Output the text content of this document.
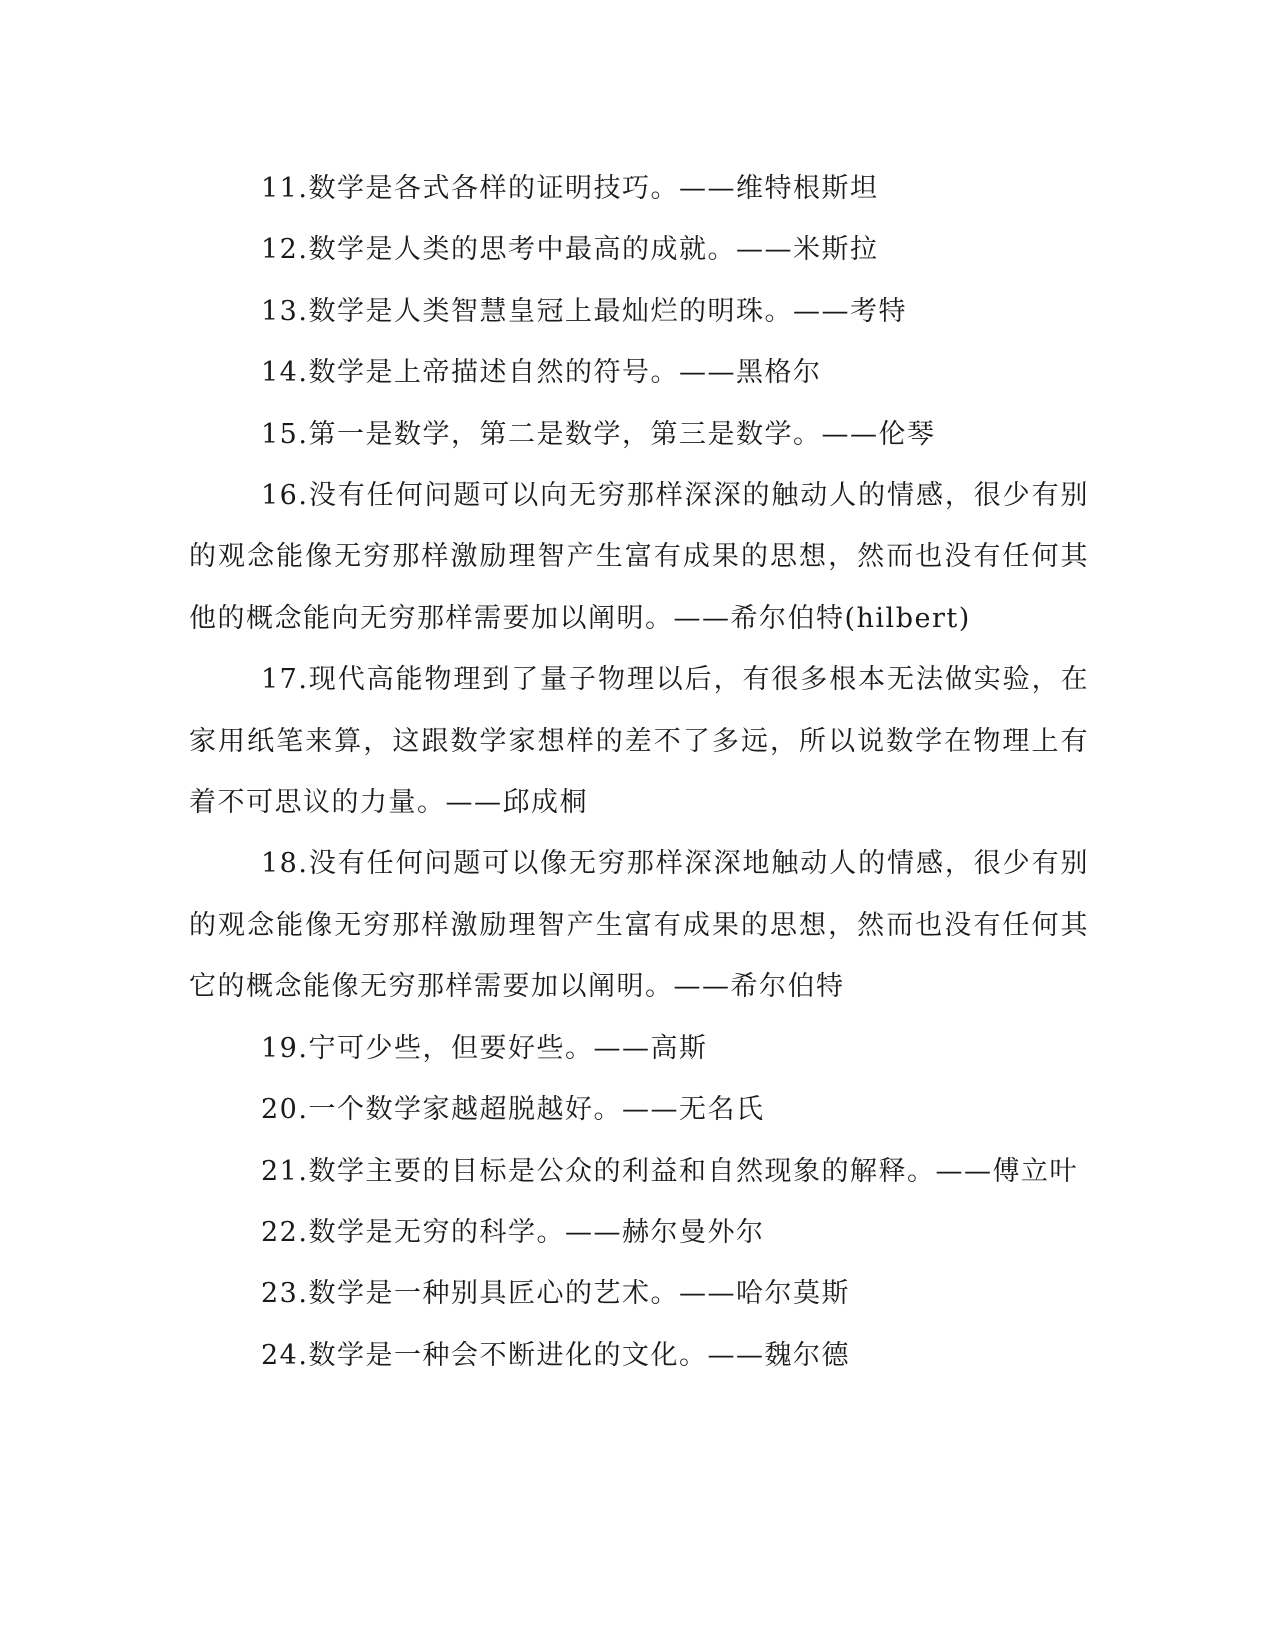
11.数学是各式各样的证明技巧。——维特根斯坦

12.数学是人类的思考中最高的成就。——米斯拉

13.数学是人类智慧皇冠上最灿烂的明珠。——考特

14.数学是上帝描述自然的符号。——黑格尔

15.第一是数学，第二是数学，第三是数学。——伦琴

16.没有任何问题可以向无穷那样深深的触动人的情感，很少有别的观念能像无穷那样激励理智产生富有成果的思想，然而也没有任何其他的概念能向无穷那样需要加以阐明。——希尔伯特(hilbert)

17.现代高能物理到了量子物理以后，有很多根本无法做实验，在家用纸笔来算，这跟数学家想样的差不了多远，所以说数学在物理上有着不可思议的力量。——邱成桐

18.没有任何问题可以像无穷那样深深地触动人的情感，很少有别的观念能像无穷那样激励理智产生富有成果的思想，然而也没有任何其它的概念能像无穷那样需要加以阐明。——希尔伯特

19.宁可少些，但要好些。——高斯

20.一个数学家越超脱越好。——无名氏

21.数学主要的目标是公众的利益和自然现象的解释。——傅立叶

22.数学是无穷的科学。——赫尔曼外尔

23.数学是一种别具匠心的艺术。——哈尔莫斯

24.数学是一种会不断进化的文化。——魏尔德
